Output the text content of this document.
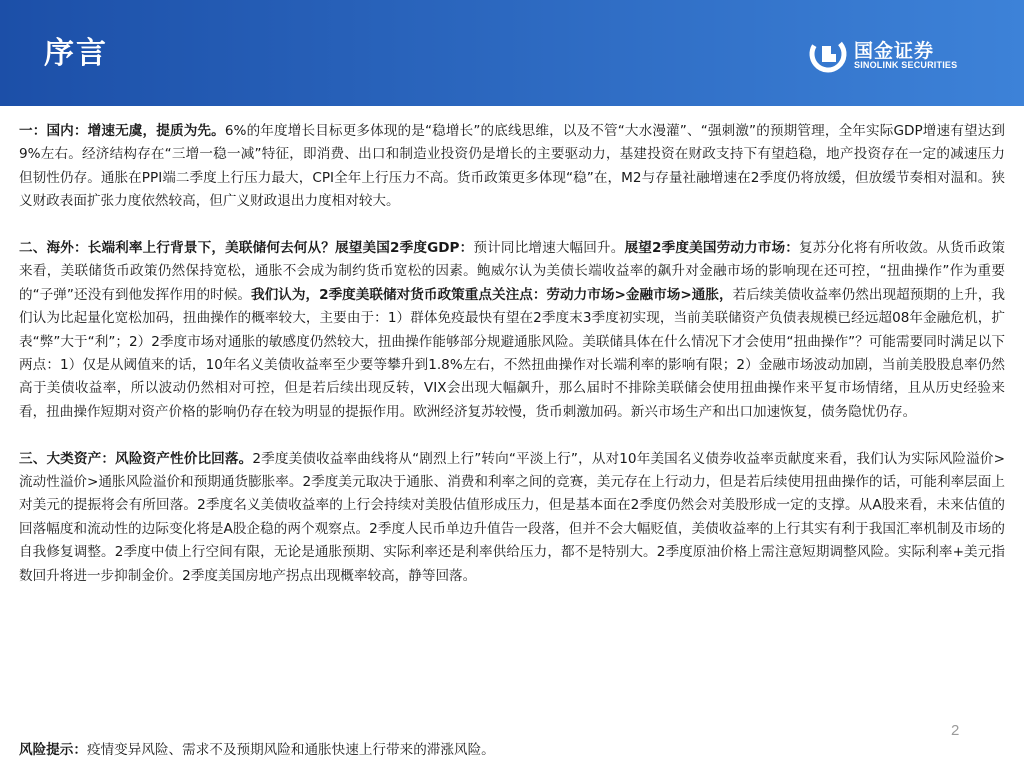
序言	国金证券
SINOLINK SECURITIES

一：国内：增速无虞，提质为先。6%的年度增长目标更多体现的是“稳增长”的底线思维，以及不管“大水漫灌”、“强刺激”的预期管理，全年实际GDP增速有望达到9%左右。经济结构存在“三增一稳一减”特征，即消费、出口和制造业投资仍是增长的主要驱动力，基建投资在财政支持下有望趋稳，地产投资存在一定的减速压力但韧性仍存。通胀在PPI端二季度上行压力最大，CPI全年上行压力不高。货币政策更多体现“稳”在，M2与存量社融增速在2季度仍将放缓，但放缓节奏相对温和。狭义财政表面扩张力度依然较高，但广义财政退出力度相对较大。

二、海外：长端利率上行背景下，美联储何去何从？展望美国2季度GDP：预计同比增速大幅回升。展望2季度美国劳动力市场：复苏分化将有所收敛。从货币政策来看，美联储货币政策仍然保持宽松，通胀不会成为制约货币宽松的因素。鲍威尔认为美债长端收益率的飙升对金融市场的影响现在还可控，“扭曲操作”作为重要的“子弹”还没有到他发挥作用的时候。我们认为，2季度美联储对货币政策重点关注点：劳动力市场>金融市场>通胀，若后续美债收益率仍然出现超预期的上升，我们认为比起量化宽松加码，扭曲操作的概率较大，主要由于：1）群体免疫最快有望在2季度末3季度初实现，当前美联储资产负债表规模已经远超08年金融危机，扩表“弊”大于“利”；2）2季度市场对通胀的敏感度仍然较大，扭曲操作能够部分规避通胀风险。美联储具体在什么情况下才会使用“扭曲操作”？可能需要同时满足以下两点：1）仅是从阈值来的话，10年名义美债收益率至少要等攀升到1.8%左右，不然扭曲操作对长端利率的影响有限；2）金融市场波动加剧，当前美股股息率仍然高于美债收益率，所以波动仍然相对可控，但是若后续出现反转，VIX会出现大幅飙升，那么届时不排除美联储会使用扭曲操作来平复市场情绪，且从历史经验来看，扭曲操作短期对资产价格的影响仍存在较为明显的提振作用。欧洲经济复苏较慢，货币刺激加码。新兴市场生产和出口加速恢复，债务隐忧仍存。

三、大类资产：风险资产性价比回落。2季度美债收益率曲线将从“剧烈上行”转向“平淡上行”，从对10年美国名义债券收益率贡献度来看，我们认为实际风险溢价>流动性溢价>通胀风险溢价和预期通货膨胀率。2季度美元取决于通胀、消费和利率之间的竞赛，美元存在上行动力，但是若后续使用扭曲操作的话，可能利率层面上对美元的提振将会有所回落。2季度名义美债收益率的上行会持续对美股估值形成压力，但是基本面在2季度仍然会对美股形成一定的支撑。从A股来看，未来估值的回落幅度和流动性的边际变化将是A股企稳的两个观察点。2季度人民币单边升值告一段落，但并不会大幅贬值，美债收益率的上行其实有利于我国汇率机制及市场的自我修复调整。2季度中债上行空间有限，无论是通胀预期、实际利率还是利率供给压力，都不是特别大。2季度原油价格上需注意短期调整风险。实际利率+美元指数回升将进一步抑制金价。2季度美国房地产拐点出现概率较高，静等回落。

2
风险提示：疫情变异风险、需求不及预期风险和通胀快速上行带来的滞涨风险。
